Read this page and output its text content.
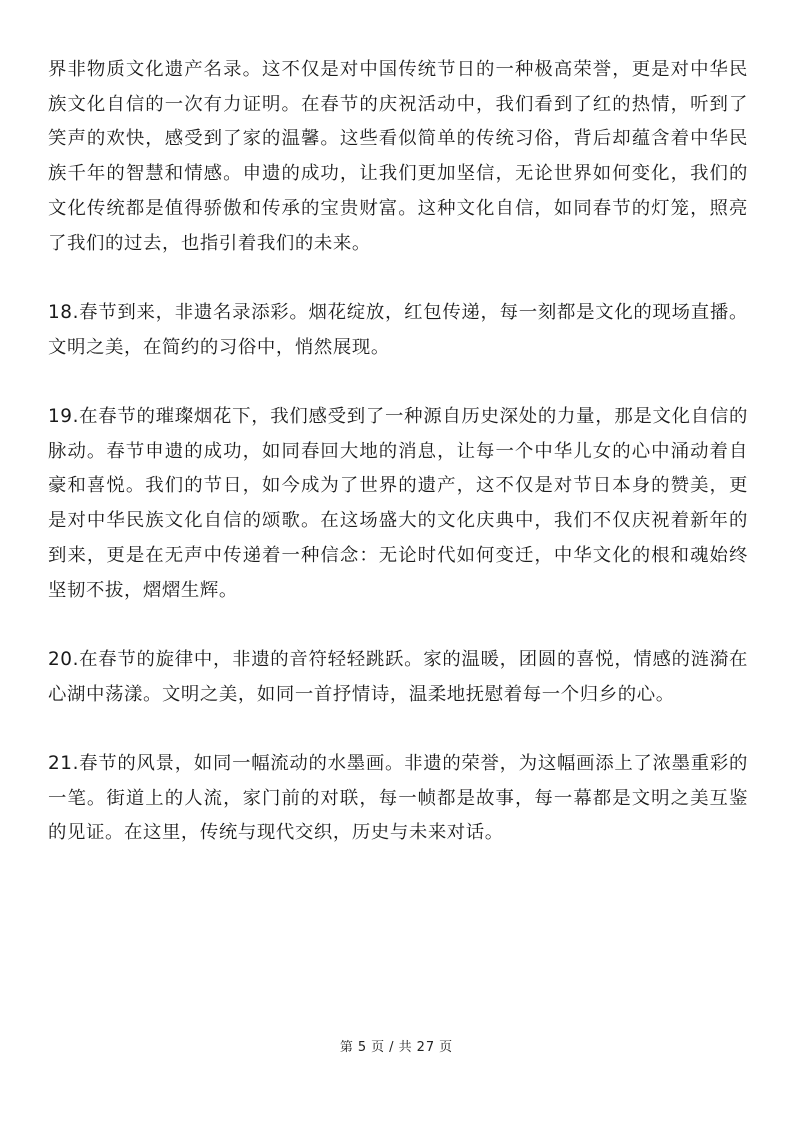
界非物质文化遗产名录。这不仅是对中国传统节日的一种极高荣誉，更是对中华民族文化自信的一次有力证明。在春节的庆祝活动中，我们看到了红的热情，听到了笑声的欢快，感受到了家的温馨。这些看似简单的传统习俗，背后却蕴含着中华民族千年的智慧和情感。申遗的成功，让我们更加坚信，无论世界如何变化，我们的文化传统都是值得骄傲和传承的宝贵财富。这种文化自信，如同春节的灯笼，照亮了我们的过去，也指引着我们的未来。

18.春节到来，非遗名录添彩。烟花绽放，红包传递，每一刻都是文化的现场直播。文明之美，在简约的习俗中，悄然展现。

19.在春节的璀璨烟花下，我们感受到了一种源自历史深处的力量，那是文化自信的脉动。春节申遗的成功，如同春回大地的消息，让每一个中华儿女的心中涌动着自豪和喜悦。我们的节日，如今成为了世界的遗产，这不仅是对节日本身的赞美，更是对中华民族文化自信的颂歌。在这场盛大的文化庆典中，我们不仅庆祝着新年的到来，更是在无声中传递着一种信念：无论时代如何变迁，中华文化的根和魂始终坚韧不拔，熠熠生辉。

20.在春节的旋律中，非遗的音符轻轻跳跃。家的温暖，团圆的喜悦，情感的涟漪在心湖中荡漾。文明之美，如同一首抒情诗，温柔地抚慰着每一个归乡的心。

21.春节的风景，如同一幅流动的水墨画。非遗的荣誉，为这幅画添上了浓墨重彩的一笔。街道上的人流，家门前的对联，每一帧都是故事，每一幕都是文明之美互鉴的见证。在这里，传统与现代交织，历史与未来对话。

第 5 页 / 共 27 页
